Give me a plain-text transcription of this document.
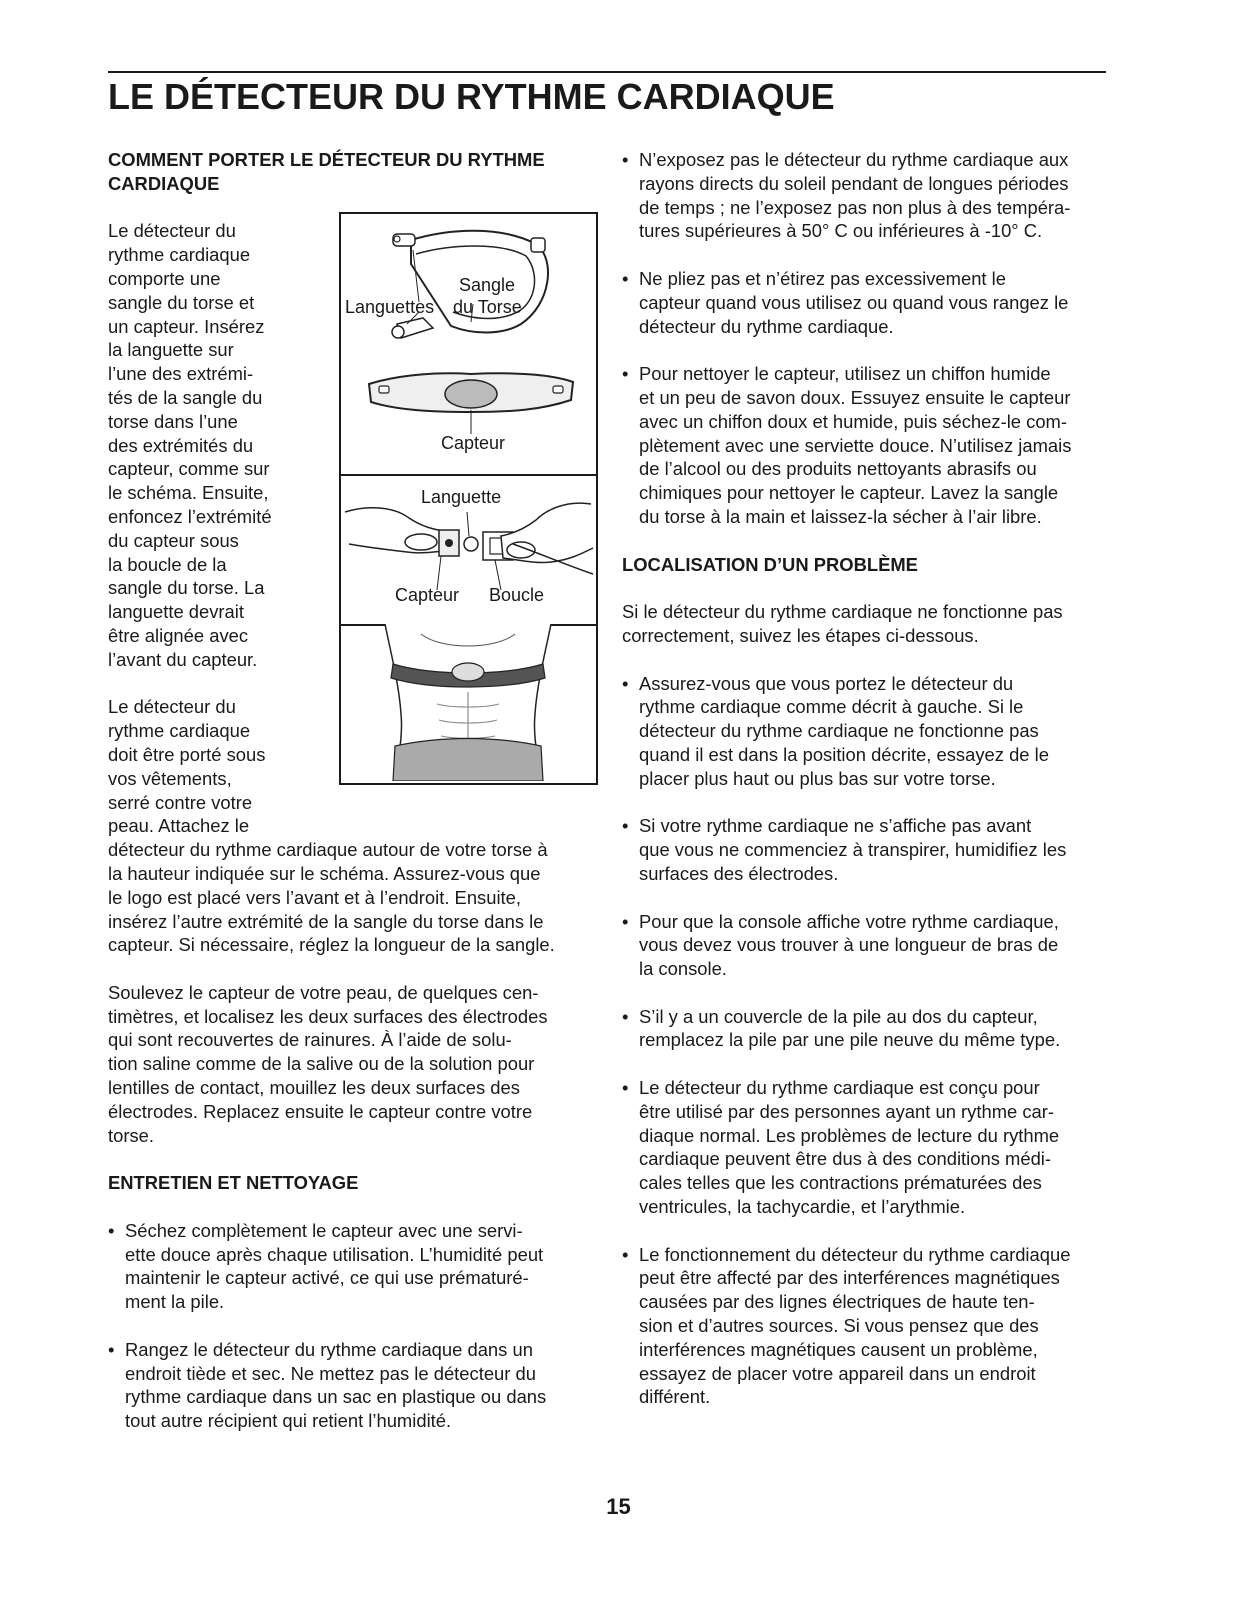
LE DÉTECTEUR DU RYTHME CARDIAQUE

COMMENT PORTER LE DÉTECTEUR DU RYTHME CARDIAQUE

Sangle
du Torse
Languettes
Capteur
Languette
Capteur Boucle
Le détecteur du
rythme cardiaque
comporte une
sangle du torse et
un capteur. Insérez
la languette sur
l’une des extrémi-
tés de la sangle du
torse dans l’une
des extrémités du
capteur, comme sur
le schéma. Ensuite,
enfoncez l’extrémité
du capteur sous
la boucle de la
sangle du torse. La
languette devrait
être alignée avec
l’avant du capteur.
Le détecteur du
rythme cardiaque
doit être porté sous
vos vêtements,
serré contre votre
peau. Attachez le
détecteur du rythme cardiaque autour de votre torse à
la hauteur indiquée sur le schéma. Assurez-vous que
le logo est placé vers l’avant et à l’endroit. Ensuite,
insérez l’autre extrémité de la sangle du torse dans le
capteur. Si nécessaire, réglez la longueur de la sangle.
Soulevez le capteur de votre peau, de quelques cen-
timètres, et localisez les deux surfaces des électrodes
qui sont recouvertes de rainures. À l’aide de solu-
tion saline comme de la salive ou de la solution pour
lentilles de contact, mouillez les deux surfaces des
électrodes. Replacez ensuite le capteur contre votre
torse.

ENTRETIEN ET NETTOYAGE

• Séchez complètement le capteur avec une servi-
ette douce après chaque utilisation. L’humidité peut
maintenir le capteur activé, ce qui use prématuré-
ment la pile.
• Rangez le détecteur du rythme cardiaque dans un
endroit tiède et sec. Ne mettez pas le détecteur du
rythme cardiaque dans un sac en plastique ou dans
tout autre récipient qui retient l’humidité.
• N’exposez pas le détecteur du rythme cardiaque aux
rayons directs du soleil pendant de longues périodes
de temps ; ne l’exposez pas non plus à des tempéra-
tures supérieures à 50° C ou inférieures à -10° C.
• Ne pliez pas et n’étirez pas excessivement le
capteur quand vous utilisez ou quand vous rangez le
détecteur du rythme cardiaque.
• Pour nettoyer le capteur, utilisez un chiffon humide
et un peu de savon doux. Essuyez ensuite le capteur
avec un chiffon doux et humide, puis séchez-le com-
plètement avec une serviette douce. N’utilisez jamais
de l’alcool ou des produits nettoyants abrasifs ou
chimiques pour nettoyer le capteur. Lavez la sangle
du torse à la main et laissez-la sécher à l’air libre.

LOCALISATION D’UN PROBLÈME

Si le détecteur du rythme cardiaque ne fonctionne pas
correctement, suivez les étapes ci-dessous.
• Assurez-vous que vous portez le détecteur du
rythme cardiaque comme décrit à gauche. Si le
détecteur du rythme cardiaque ne fonctionne pas
quand il est dans la position décrite, essayez de le
placer plus haut ou plus bas sur votre torse.
• Si votre rythme cardiaque ne s’affiche pas avant
que vous ne commenciez à transpirer, humidifiez les
surfaces des électrodes.
• Pour que la console affiche votre rythme cardiaque,
vous devez vous trouver à une longueur de bras de
la console.
• S’il y a un couvercle de la pile au dos du capteur,
remplacez la pile par une pile neuve du même type.
• Le détecteur du rythme cardiaque est conçu pour
être utilisé par des personnes ayant un rythme car-
diaque normal. Les problèmes de lecture du rythme
cardiaque peuvent être dus à des conditions médi-
cales telles que les contractions prématurées des
ventricules, la tachycardie, et l’arythmie.
• Le fonctionnement du détecteur du rythme cardiaque
peut être affecté par des interférences magnétiques
causées par des lignes électriques de haute ten-
sion et d’autres sources. Si vous pensez que des
interférences magnétiques causent un problème,
essayez de placer votre appareil dans un endroit
différent.
15
